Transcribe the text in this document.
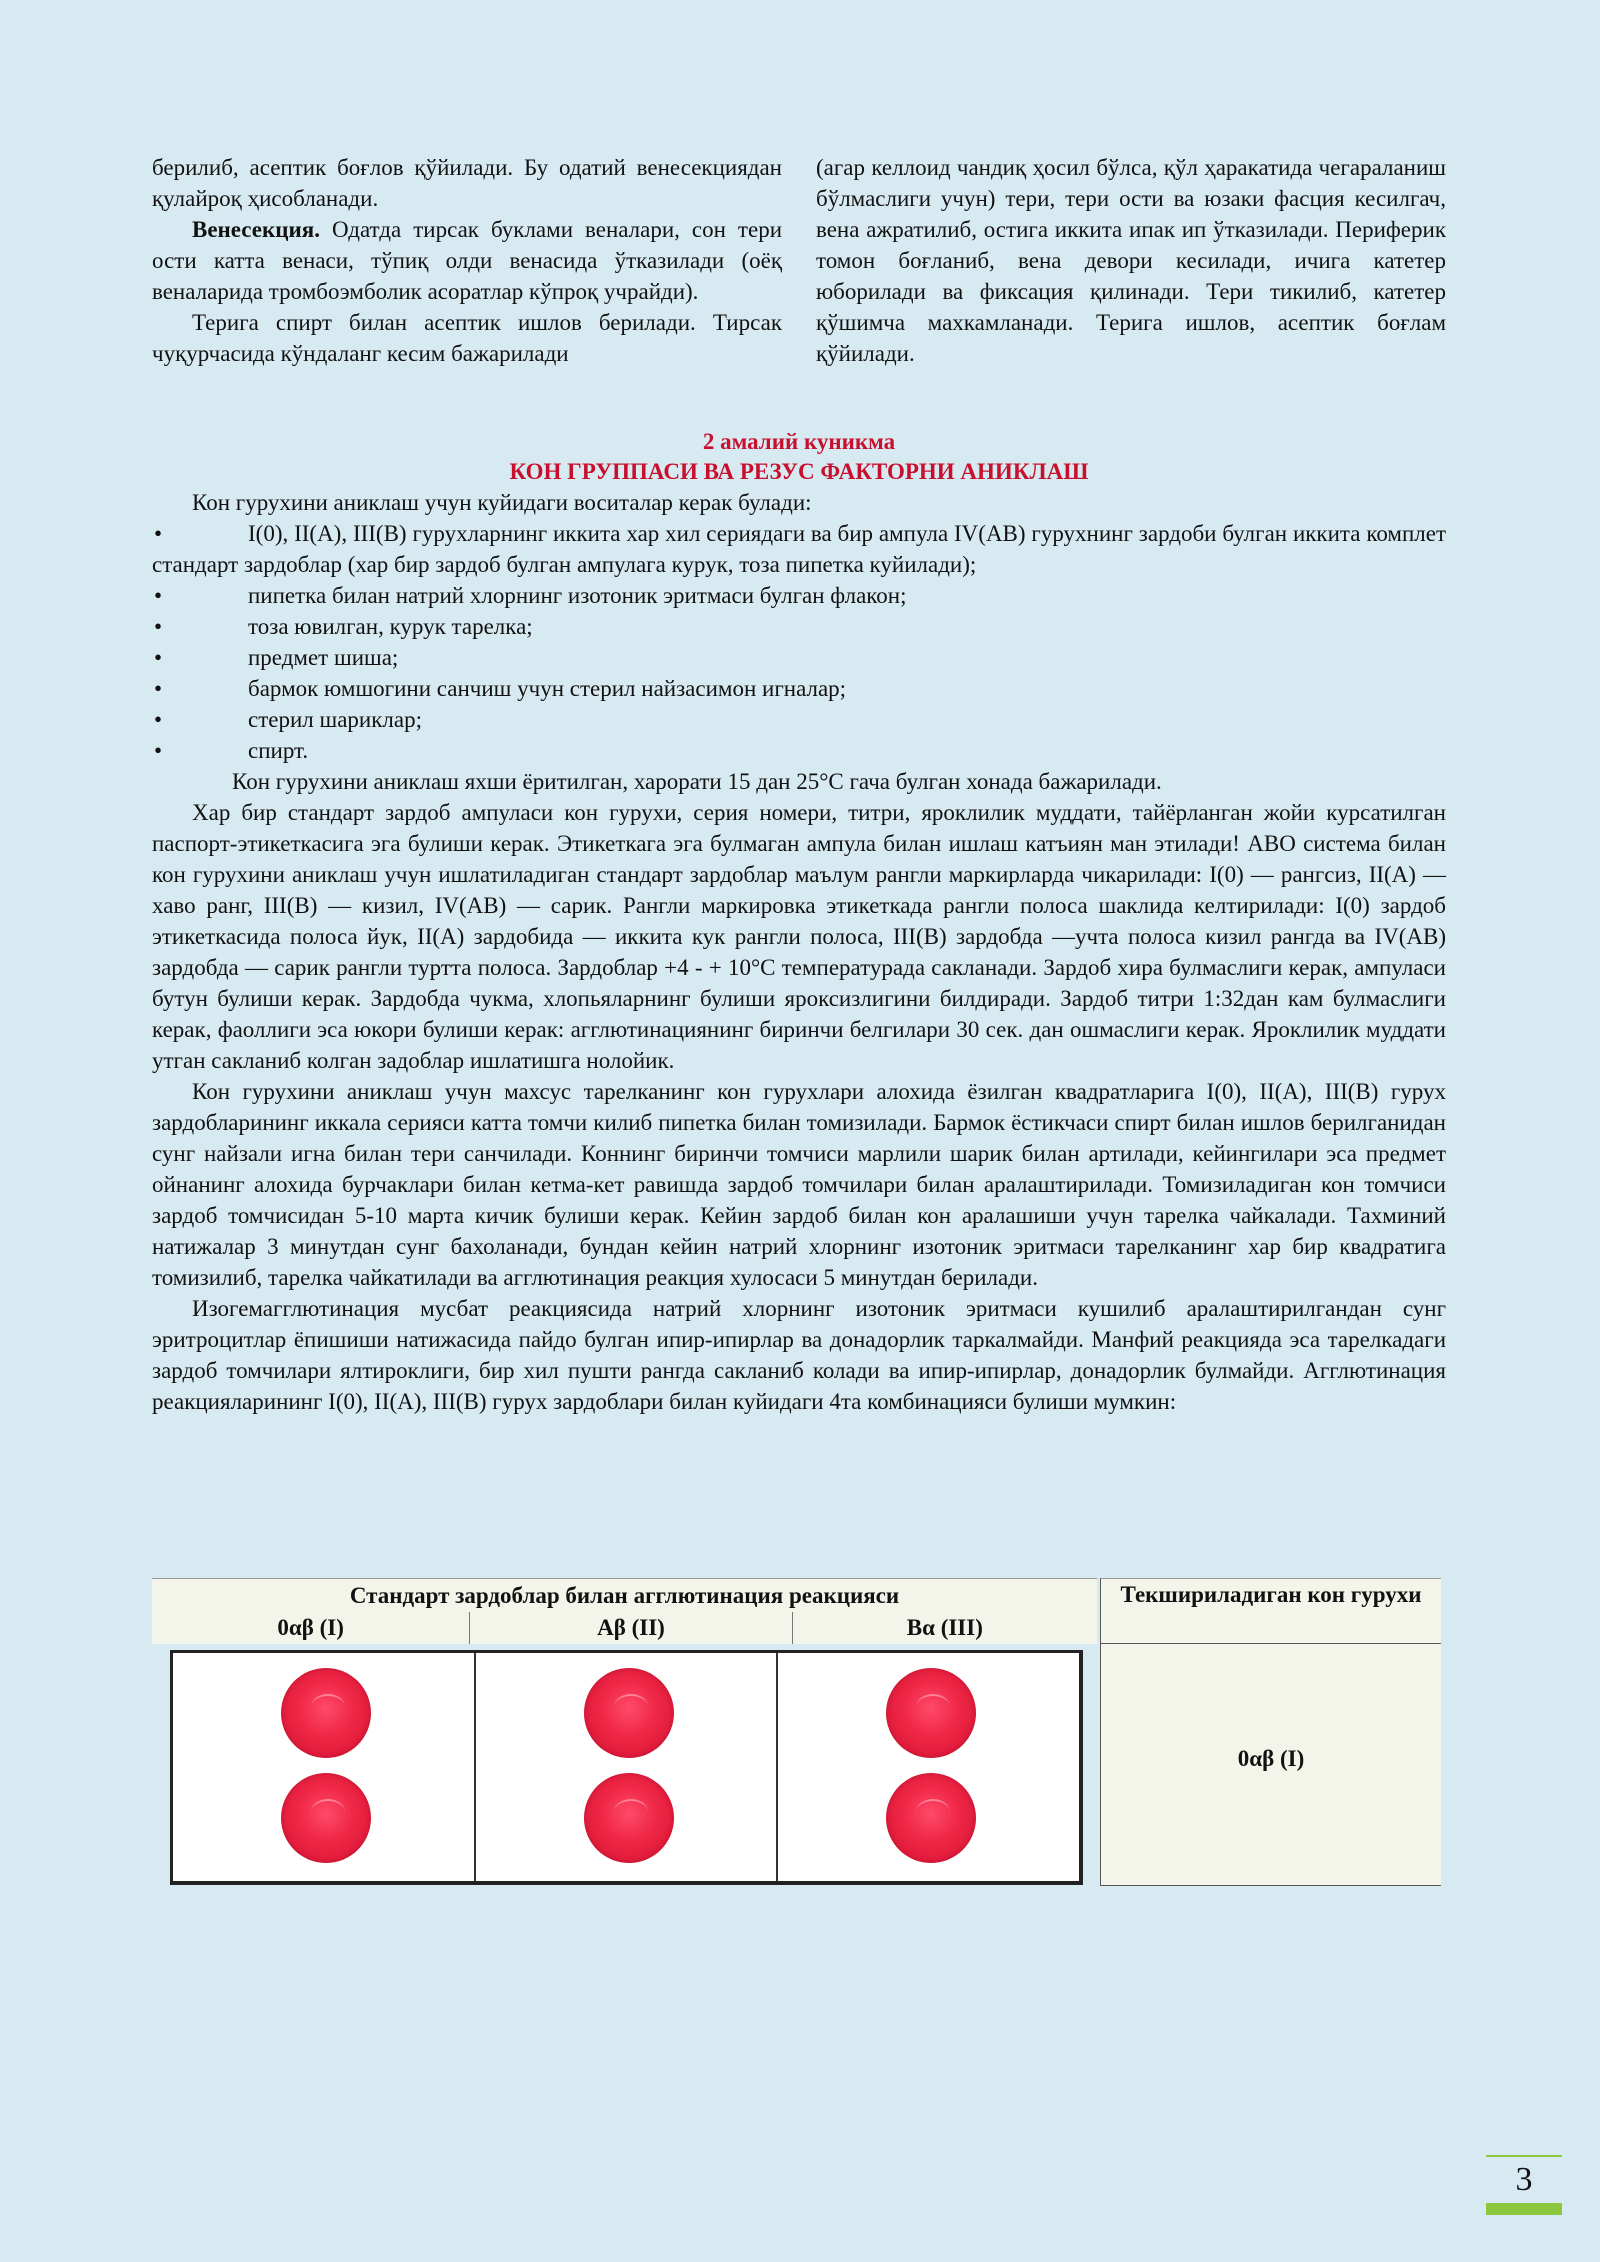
берилиб, асептик боғлов қўйилади. Бу одатий венесекциядан қулайроқ ҳисобланади.

Венесекция. Одатда тирсак буклами веналари, сон тери ости катта венаси, тўпиқ олди венасида ўтказилади (оёқ веналарида тромбоэмболик асоратлар кўпроқ учрайди).

Терига спирт билан асептик ишлов берилади. Тирсак чуқурчасида кўндаланг кесим бажарилади

(агар келлоид чандиқ ҳосил бўлса, қўл ҳаракатида чегараланиш бўлмаслиги учун) тери, тери ости ва юзаки фасция кесилгач, вена ажратилиб, остига иккита ипак ип ўтказилади. Периферик томон боғланиб, вена девори кесилади, ичига катетер юборилади ва фиксация қилинади. Тери тикилиб, катетер қўшимча махкамланади. Терига ишлов, асептик боғлам қўйилади.

2 амалий куникма
КОН ГРУППАСИ ВА РЕЗУС ФАКТОРНИ АНИКЛАШ

Кон гурухини аниклаш учун куйидаги воситалар керак булади:

•	I(0), II(A), III(B) гурухларнинг иккита хар хил сериядаги ва бир ампула IV(AB) гурухнинг зардоби булган иккита комплет стандарт зардоблар (хар бир зардоб булган ампулага курук, тоза пипетка куйилади);
•	пипетка билан натрий хлорнинг изотоник эритмаси булган флакон;
•	тоза ювилган, курук тарелка;
•	предмет шиша;
•	бармок юмшогини санчиш учун стерил найзасимон игналар;
•	стерил шариклар;
•	спирт.

Кон гурухини аниклаш яхши ёритилган, харорати 15 дан 25°C гача булган хонада бажарилади.

Хар бир стандарт зардоб ампуласи кон гурухи, серия номери, титри, яроклилик муддати, тайёрланган жойи курсатилган паспорт-этикеткасига эга булиши керак. Этикеткага эга булмаган ампула билан ишлаш катъиян ман этилади! АВО система билан кон гурухини аниклаш учун ишлатиладиган стандарт зардоблар маълум рангли маркирларда чикарилади: I(0) — рангсиз, II(A) — хаво ранг, III(B) — кизил, IV(AB) — сарик. Рангли маркировка этикеткада рангли полоса шаклида келтирилади: I(0) зардоб этикеткасида полоса йук, II(A) зардобида — иккита кук рангли полоса, III(B) зардобда —учта полоса кизил рангда ва IV(AB) зардобда — сарик рангли туртта полоса. Зардоблар +4 - + 10°C температурада сакланади. Зардоб хира булмаслиги керак, ампуласи бутун булиши керак. Зардобда чукма, хлопьяларнинг булиши ярoксизлигини билдиради. Зардоб титри 1:32дан кам булмаслиги керак, фаоллиги эса юкори булиши керак: агглютинациянинг биринчи белгилари 30 сек. дан ошмаслиги керак. Яроклилик муддати утган сакланиб колган задоблар ишлатишга нолойик.

Кон гурухини аниклаш учун махсус тарелканинг кон гурухлари алохида ёзилган квадратларига I(0), II(A), III(B) гурух зардобларининг иккала серияси катта томчи килиб пипетка билан томизилади. Бармок ёстикчаси спирт билан ишлов берилганидан сунг найзали игна билан тери санчилади. Коннинг биринчи томчиси марлили шарик билан артилади, кейингилари эса предмет ойнанинг алохида бурчаклари билан кетма-кет равишда зардоб томчилари билан аралаштирилади. Томизиладиган кон томчиси зардоб томчисидан 5-10 марта кичик булиши керак. Кейин зардоб билан кон аралашиши учун тарелка чайкалади. Тахминий натижалар 3 минутдан сунг бахоланади, бундан кейин натрий хлорнинг изотоник эритмаси тарелканинг хар бир квадратига томизилиб, тарелка чайкатилади ва агглютинация реакция хулосаси 5 минутдан берилади.

Изогемагглютинация мусбат реакциясида натрий хлорнинг изотоник эритмаси кушилиб аралаштирилгандан сунг эритроцитлар ёпишиши натижасида пайдо булган ипир-ипирлар ва донадорлик таркалмайди. Манфий реакцияда эса тарелкадаги зардоб томчилари ялтирoклиги, бир хил пушти рангда сакланиб колади ва ипир-ипирлар, донадорлик булмайди. Агглютинация реакцияларининг I(0), II(A), III(B) гурух зардоблари билан куйидаги 4та комбинацияси булиши мумкин:

Стандарт зардоблар билан агглютинация реакцияси
0αβ (I)	Aβ (II)	Bα (III)
Текшириладиган кон гурухи
0αβ (I)
3
